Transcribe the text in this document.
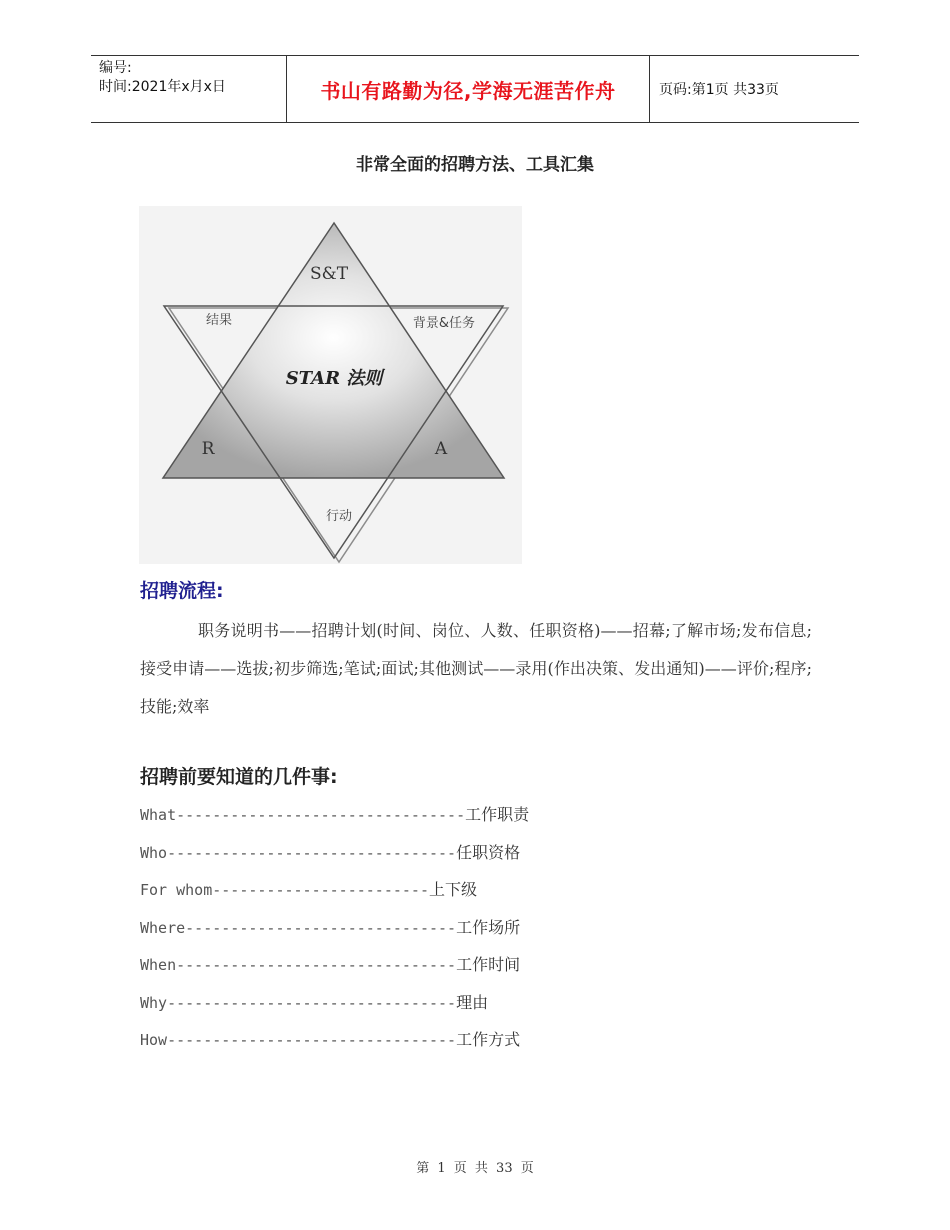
编号:
时间:2021年x月x日	书山有路勤为径,学海无涯苦作舟	页码:第1页 共33页
非常全面的招聘方法、工具汇集
S&T
结果	背景&任务
STAR 法则
R	A
行动
招聘流程:
职务说明书——招聘计划(时间、岗位、人数、任职资格)——招幕;了解市场;发布信息;接受申请——选拔;初步筛选;笔试;面试;其他测试——录用(作出决策、发出通知)——评价;程序;技能;效率
招聘前要知道的几件事:
What--------------------------------工作职责
Who--------------------------------任职资格
For whom------------------------上下级
Where------------------------------工作场所
When-------------------------------工作时间
Why--------------------------------理由
How--------------------------------工作方式
第 1 页 共 33 页
